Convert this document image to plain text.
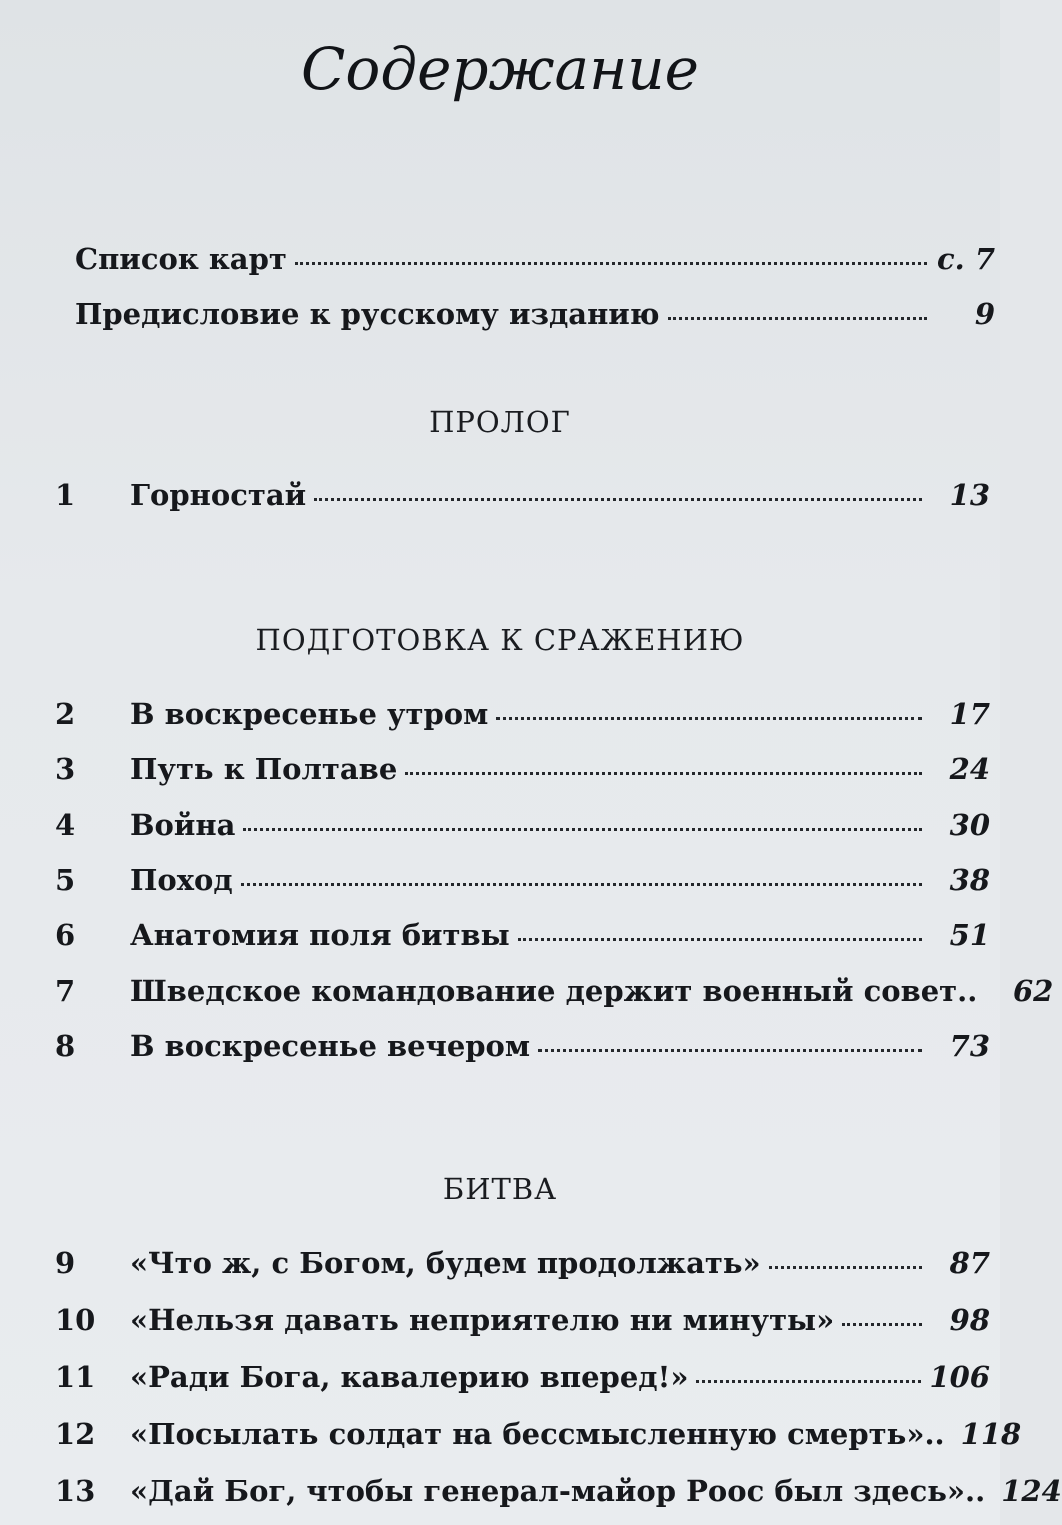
Содержание
Список карт	с. 7
Предисловие к русскому изданию	9
ПРОЛОГ
1	Горностай	13
ПОДГОТОВКА К СРАЖЕНИЮ
2	В воскресенье утром	17
3	Путь к Полтаве	24
4	Война	30
5	Поход	38
6	Анатомия поля битвы	51
7	Шведское командование держит военный совет..	62
8	В воскресенье вечером	73
БИТВА
9	«Что ж, с Богом, будем продолжать»	87
10	«Нельзя давать неприятелю ни минуты»	98
11	«Ради Бога, кавалерию вперед!»	106
12	«Посылать солдат на бессмысленную смерть».. 118
13	«Дай Бог, чтобы генерал-майор Роос был здесь».. 124
